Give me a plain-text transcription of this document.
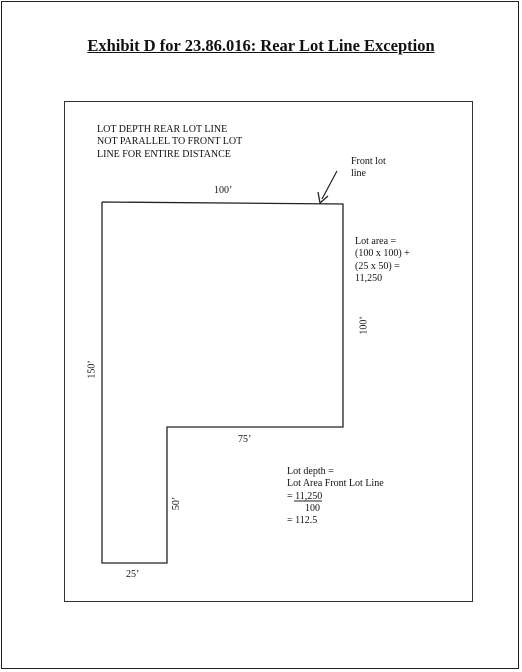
Exhibit D for 23.86.016: Rear Lot Line Exception
LOT DEPTH REAR LOT LINE
NOT PARALLEL TO FRONT LOT
LINE FOR ENTIRE DISTANCE
Front lot
line
Lot area =
(100 x 100) +
(25 x 50) =
11,250
100’
100’
150’
75’
50’
25’
Lot depth =
Lot Area Front Lot Line
= 11,250
100
= 112.5
